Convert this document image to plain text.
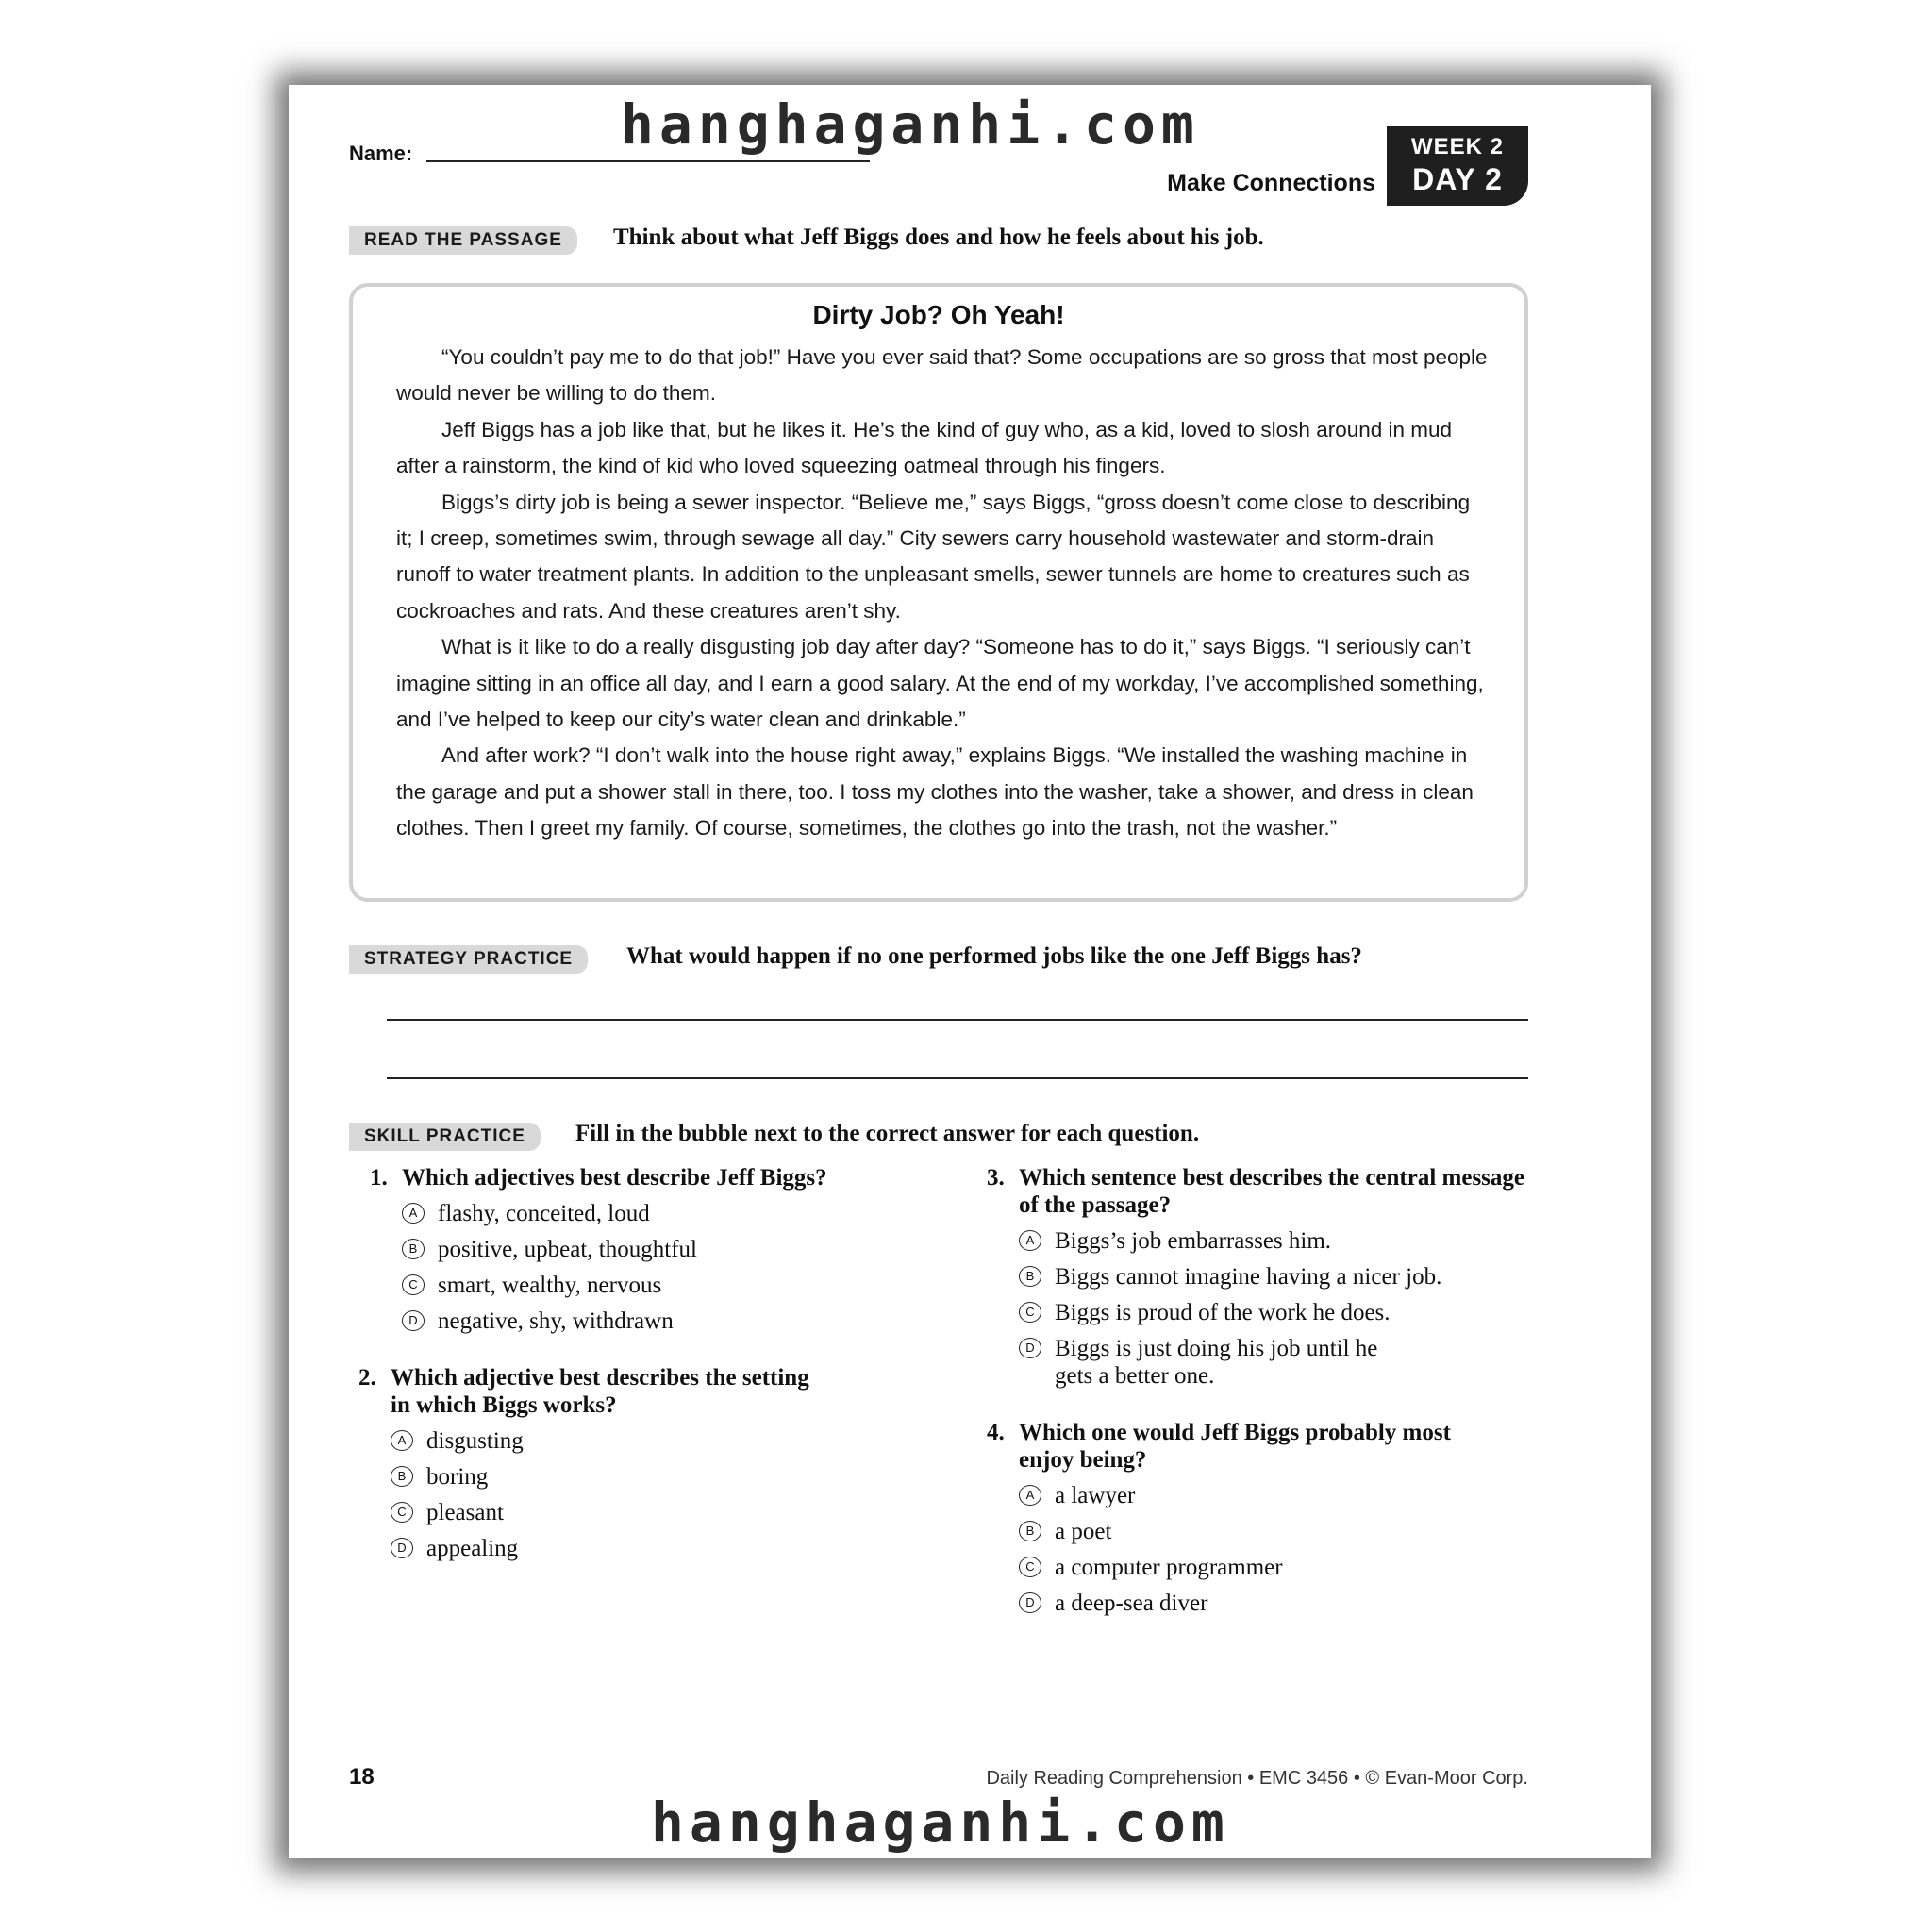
Name:
Make Connections
WEEK 2
DAY 2
READ THE PASSAGE	Think about what Jeff Biggs does and how he feels about his job.
Dirty Job? Oh Yeah!

“You couldn’t pay me to do that job!” Have you ever said that? Some occupations are so gross that most people would never be willing to do them.

Jeff Biggs has a job like that, but he likes it. He’s the kind of guy who, as a kid, loved to slosh around in mud after a rainstorm, the kind of kid who loved squeezing oatmeal through his fingers.

Biggs’s dirty job is being a sewer inspector. “Believe me,” says Biggs, “gross doesn’t come close to describing it; I creep, sometimes swim, through sewage all day.” City sewers carry household wastewater and storm-drain runoff to water treatment plants. In addition to the unpleasant smells, sewer tunnels are home to creatures such as cockroaches and rats. And these creatures aren’t shy.

What is it like to do a really disgusting job day after day? “Someone has to do it,” says Biggs. “I seriously can’t imagine sitting in an office all day, and I earn a good salary. At the end of my workday, I’ve accomplished something, and I’ve helped to keep our city’s water clean and drinkable.”

And after work? “I don’t walk into the house right away,” explains Biggs. “We installed the washing machine in the garage and put a shower stall in there, too. I toss my clothes into the washer, take a shower, and dress in clean clothes. Then I greet my family. Of course, sometimes, the clothes go into the trash, not the washer.”

STRATEGY PRACTICE	What would happen if no one performed jobs like the one Jeff Biggs has?
SKILL PRACTICE	Fill in the bubble next to the correct answer for each question.
1. Which adjectives best describe Jeff Biggs?
A flashy, conceited, loud
B positive, upbeat, thoughtful
C smart, wealthy, nervous
D negative, shy, withdrawn
2. Which adjective best describes the setting in which Biggs works?
A disgusting
B boring
C pleasant
D appealing
3. Which sentence best describes the central message of the passage?
A Biggs’s job embarrasses him.
B Biggs cannot imagine having a nicer job.
C Biggs is proud of the work he does.
D Biggs is just doing his job until he gets a better one.
4. Which one would Jeff Biggs probably most enjoy being?
A a lawyer
B a poet
C a computer programmer
D a deep-sea diver
18	Daily Reading Comprehension • EMC 3456 • © Evan-Moor Corp.
hanghaganhi.com
hanghaganhi.com
